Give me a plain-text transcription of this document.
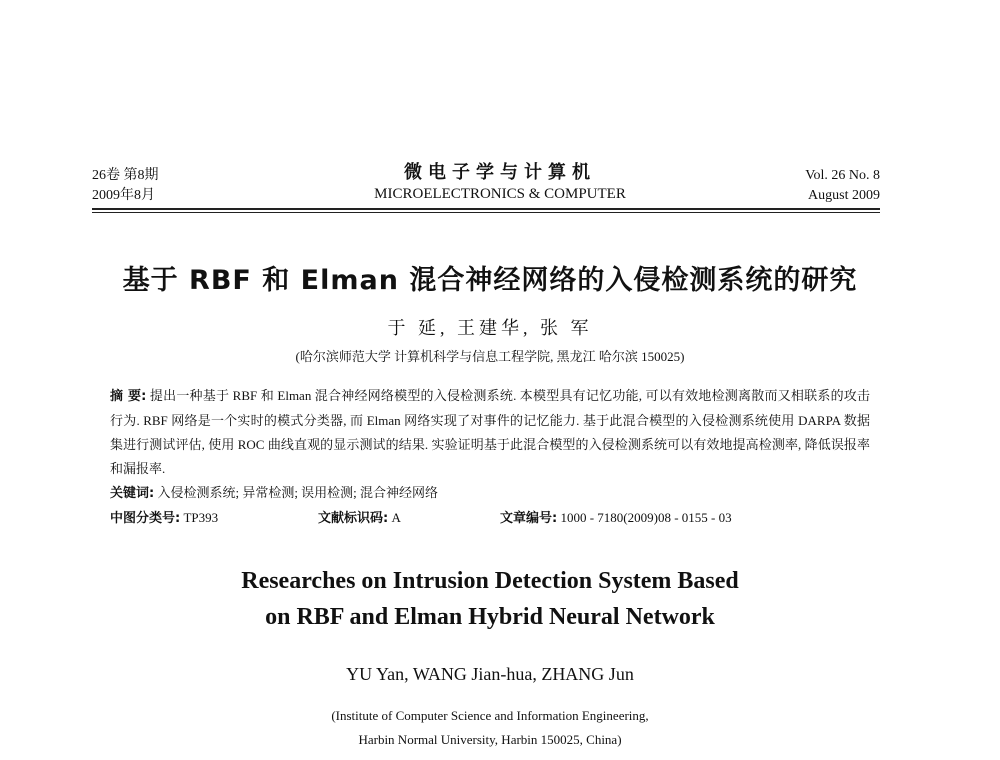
26卷 第8期
2009年8月
微电子学与计算机
MICROELECTRONICS & COMPUTER
Vol. 26 No. 8
August 2009
基于 RBF 和 Elman 混合神经网络的入侵检测系统的研究
于 延, 王建华, 张 军
(哈尔滨师范大学 计算机科学与信息工程学院, 黑龙江 哈尔滨 150025)
摘 要: 提出一种基于 RBF 和 Elman 混合神经网络模型的入侵检测系统. 本模型具有记忆功能, 可以有效地检测离散而又相联系的攻击行为. RBF 网络是一个实时的模式分类器, 而 Elman 网络实现了对事件的记忆能力. 基于此混合模型的入侵检测系统使用 DARPA 数据集进行测试评估, 使用 ROC 曲线直观的显示测试的结果. 实验证明基于此混合模型的入侵检测系统可以有效地提高检测率, 降低误报率和漏报率.
关键词: 入侵检测系统; 异常检测; 误用检测; 混合神经网络
中图分类号: TP393	文献标识码: A	文章编号: 1000 - 7180(2009)08 - 0155 - 03
Researches on Intrusion Detection System Based
on RBF and Elman Hybrid Neural Network
YU Yan, WANG Jian-hua, ZHANG Jun
(Institute of Computer Science and Information Engineering,
Harbin Normal University, Harbin 150025, China)
